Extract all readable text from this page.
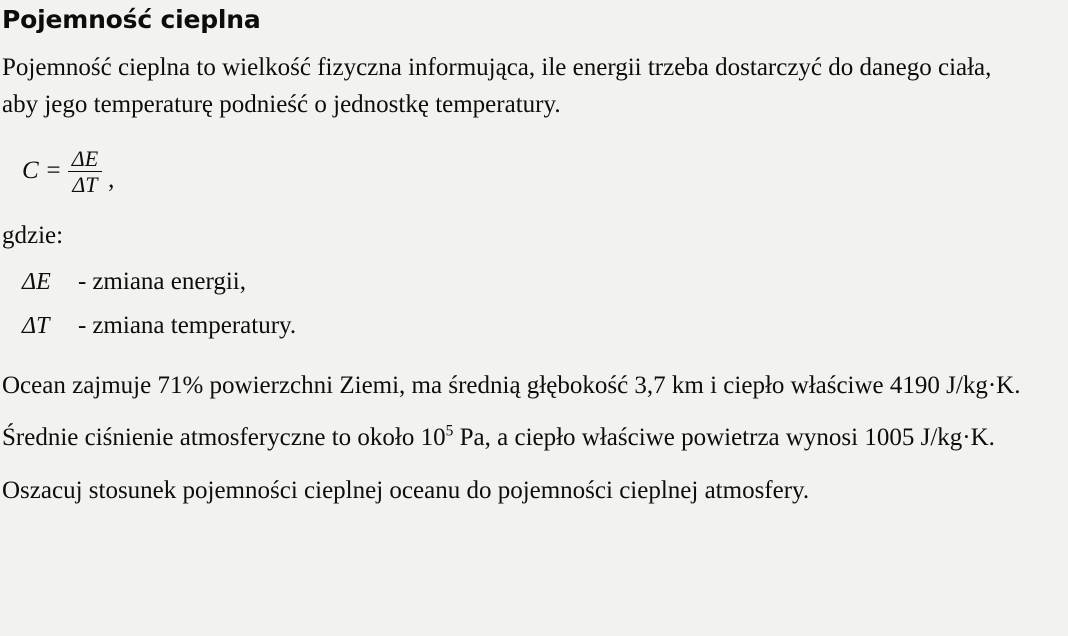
Pojemność cieplna

Pojemność cieplna to wielkość fizyczna informująca, ile energii trzeba dostarczyć do danego ciała,

aby jego temperaturę podnieść o jednostkę temperatury.

$C = \frac{\Delta E}{\Delta T}$ ,

gdzie:

ΔE	- zmiana energii,
ΔT	- zmiana temperatury.

Ocean zajmuje 71% powierzchni Ziemi, ma średnią głębokość 3,7 km i ciepło właściwe 4190 J/kg·K.

Średnie ciśnienie atmosferyczne to około $10^5$ Pa, a ciepło właściwe powietrza wynosi 1005 J/kg·K.

Oszacuj stosunek pojemności cieplnej oceanu do pojemności cieplnej atmosfery.
